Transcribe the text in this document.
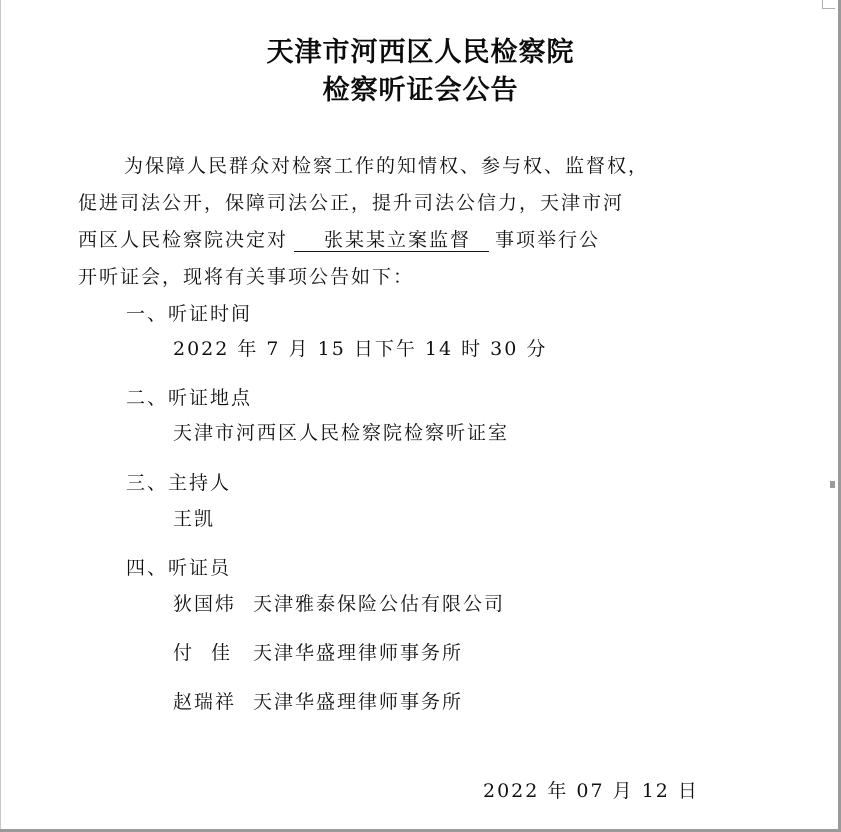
天津市河西区人民检察院
检察听证会公告
为保障人民群众对检察工作的知情权、参与权、监督权，
促进司法公开，保障司法公正，提升司法公信力，天津市河
西区人民检察院决定对 张某某立案监督 事项举行公
开听证会，现将有关事项公告如下：
一、听证时间
2022 年 7 月 15 日下午 14 时 30 分
二、听证地点
天津市河西区人民检察院检察听证室
三、主持人
王凯
四、听证员
狄国炜 天津雅泰保险公估有限公司
付佳 天津华盛理律师事务所
赵瑞祥 天津华盛理律师事务所
2022 年 07 月 12 日
